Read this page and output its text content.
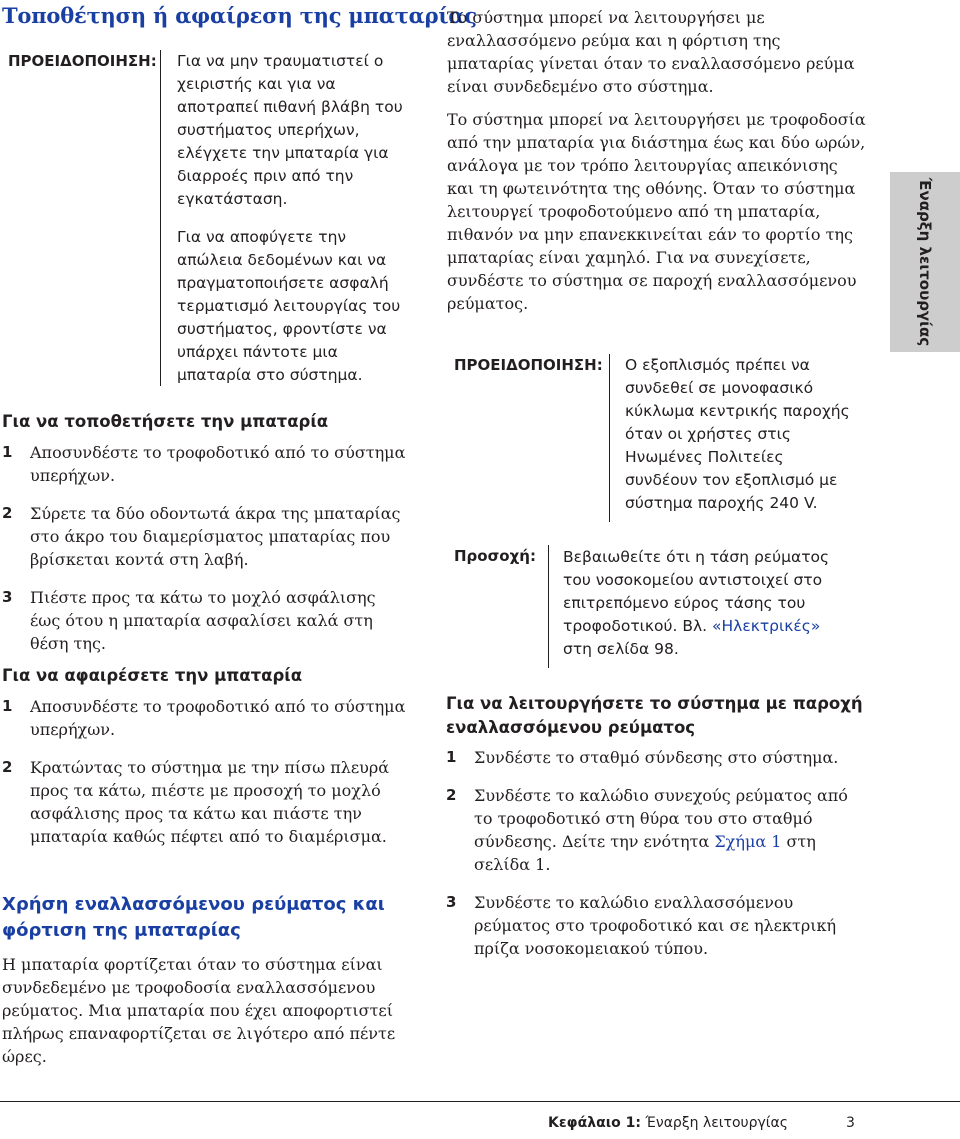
Τοποθέτηση ή αφαίρεση της μπαταρίας
ΠΡΟΕΙΔΟΠΟΙΗΣΗ: Για να μην τραυματιστεί ο χειριστής και για να αποτραπεί πιθανή βλάβη του συστήματος υπερήχων, ελέγχετε την μπαταρία για διαρροές πριν από την εγκατάσταση.

Για να αποφύγετε την απώλεια δεδομένων και να πραγματοποιήσετε ασφαλή τερματισμό λειτουργίας του συστήματος, φροντίστε να υπάρχει πάντοτε μια μπαταρία στο σύστημα.

Για να τοποθετήσετε την μπαταρία
1 Αποσυνδέστε το τροφοδοτικό από το σύστημα υπερήχων.
2 Σύρετε τα δύο οδοντωτά άκρα της μπαταρίας στο άκρο του διαμερίσματος μπαταρίας που βρίσκεται κοντά στη λαβή.
3 Πιέστε προς τα κάτω το μοχλό ασφάλισης έως ότου η μπαταρία ασφαλίσει καλά στη θέση της.
Για να αφαιρέσετε την μπαταρία
1 Αποσυνδέστε το τροφοδοτικό από το σύστημα υπερήχων.
2 Κρατώντας το σύστημα με την πίσω πλευρά προς τα κάτω, πιέστε με προσοχή το μοχλό ασφάλισης προς τα κάτω και πιάστε την μπαταρία καθώς πέφτει από το διαμέρισμα.
Χρήση εναλλασσόμενου ρεύματος και φόρτιση της μπαταρίας

Η μπαταρία φορτίζεται όταν το σύστημα είναι συνδεδεμένο με τροφοδοσία εναλλασσόμενου ρεύματος. Μια μπαταρία που έχει αποφορτιστεί πλήρως επαναφορτίζεται σε λιγότερο από πέντε ώρες.

Το σύστημα μπορεί να λειτουργήσει με εναλλασσόμενο ρεύμα και η φόρτιση της μπαταρίας γίνεται όταν το εναλλασσόμενο ρεύμα είναι συνδεδεμένο στο σύστημα.

Το σύστημα μπορεί να λειτουργήσει με τροφοδοσία από την μπαταρία για διάστημα έως και δύο ωρών, ανάλογα με τον τρόπο λειτουργίας απεικόνισης και τη φωτεινότητα της οθόνης. Όταν το σύστημα λειτουργεί τροφοδοτούμενο από τη μπαταρία, πιθανόν να μην επανεκκινείται εάν το φορτίο της μπαταρίας είναι χαμηλό. Για να συνεχίσετε, συνδέστε το σύστημα σε παροχή εναλλασσόμενου ρεύματος.

ΠΡΟΕΙΔΟΠΟΙΗΣΗ: Ο εξοπλισμός πρέπει να συνδεθεί σε μονοφασικό κύκλωμα κεντρικής παροχής όταν οι χρήστες στις Ηνωμένες Πολιτείες συνδέουν τον εξοπλισμό με σύστημα παροχής 240 V.
Προσοχή: Βεβαιωθείτε ότι η τάση ρεύματος του νοσοκομείου αντιστοιχεί στο επιτρεπόμενο εύρος τάσης του τροφοδοτικού. Βλ. «Ηλεκτρικές» στη σελίδα 98.
Για να λειτουργήσετε το σύστημα με παροχή εναλλασσόμενου ρεύματος
1 Συνδέστε το σταθμό σύνδεσης στο σύστημα.
2 Συνδέστε το καλώδιο συνεχούς ρεύματος από το τροφοδοτικό στη θύρα του στο σταθμό σύνδεσης. Δείτε την ενότητα Σχήμα 1 στη σελίδα 1.
3 Συνδέστε το καλώδιο εναλλασσόμενου ρεύματος στο τροφοδοτικό και σε ηλεκτρική πρίζα νοσοκομειακού τύπου.
Έναρξη λειτουργίας
Κεφάλαιο 1: Έναρξη λειτουργίας	3
